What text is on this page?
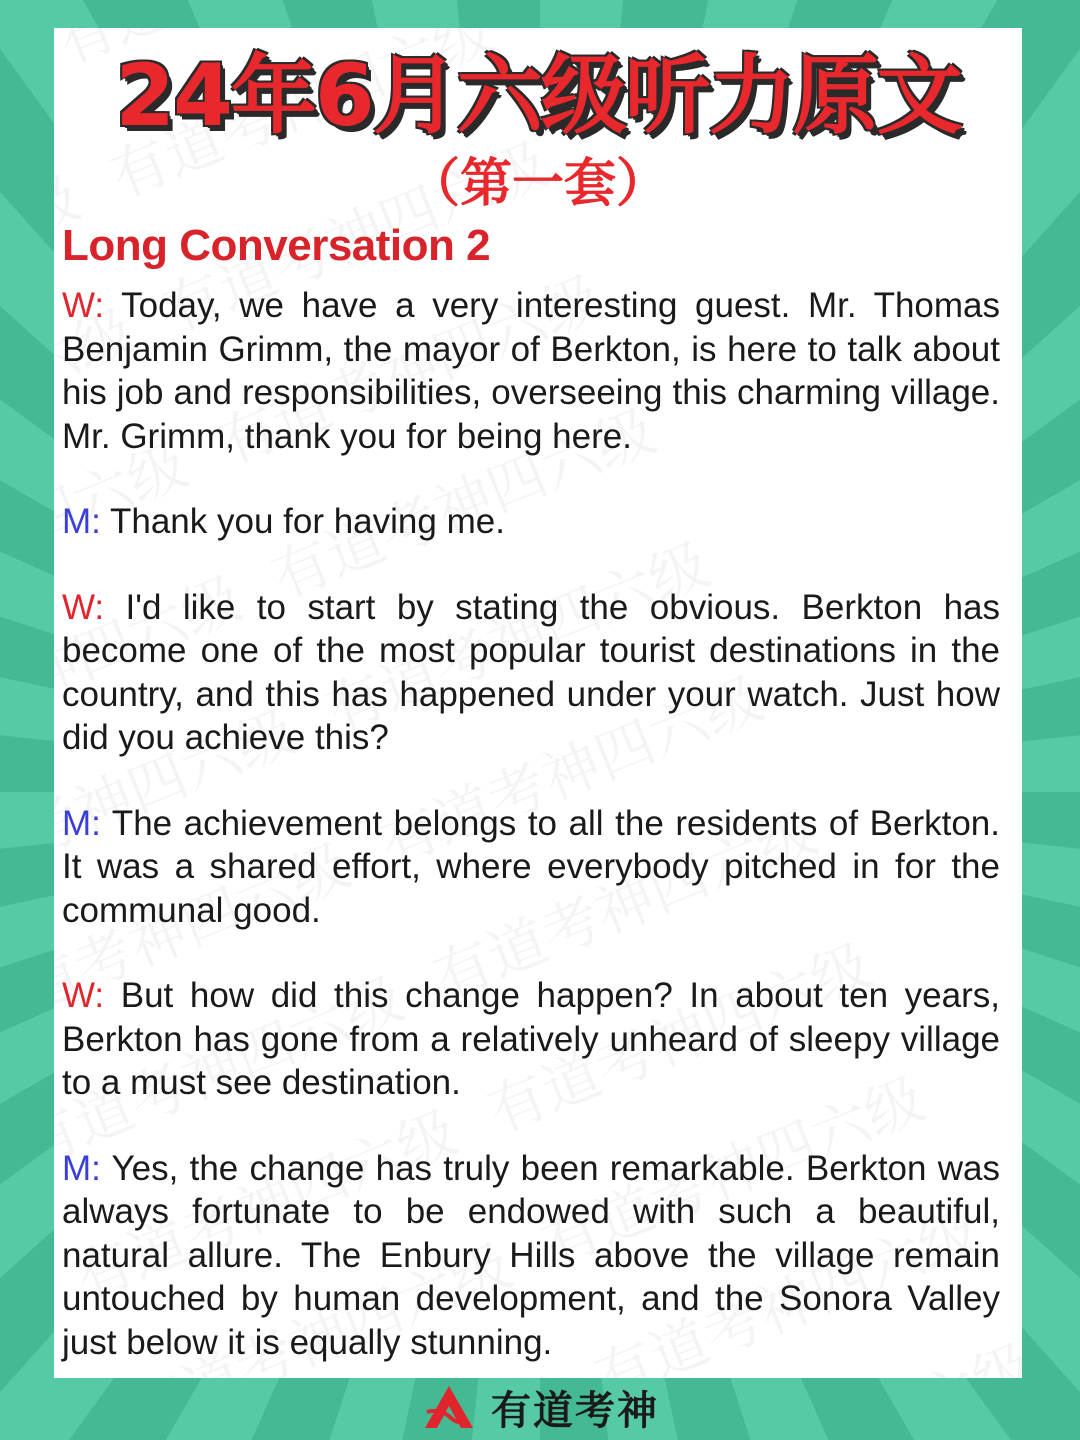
24年6月六级听力原文
（第一套）
Long Conversation 2

W: Today, we have a very interesting guest. Mr. Thomas Benjamin Grimm, the mayor of Berkton, is here to talk about his job and responsibilities, overseeing this charming village. Mr. Grimm, thank you for being here.

M: Thank you for having me.

W: I'd like to start by stating the obvious. Berkton has become one of the most popular tourist destinations in the country, and this has happened under your watch. Just how did you achieve this?

M: The achievement belongs to all the residents of Berkton. It was a shared effort, where everybody pitched in for the communal good.

W: But how did this change happen? In about ten years, Berkton has gone from a relatively unheard of sleepy village to a must see destination.

M: Yes, the change has truly been remarkable. Berkton was always fortunate to be endowed with such a beautiful, natural allure. The Enbury Hills above the village remain untouched by human development, and the Sonora Valley just below it is equally stunning.

有道考神
